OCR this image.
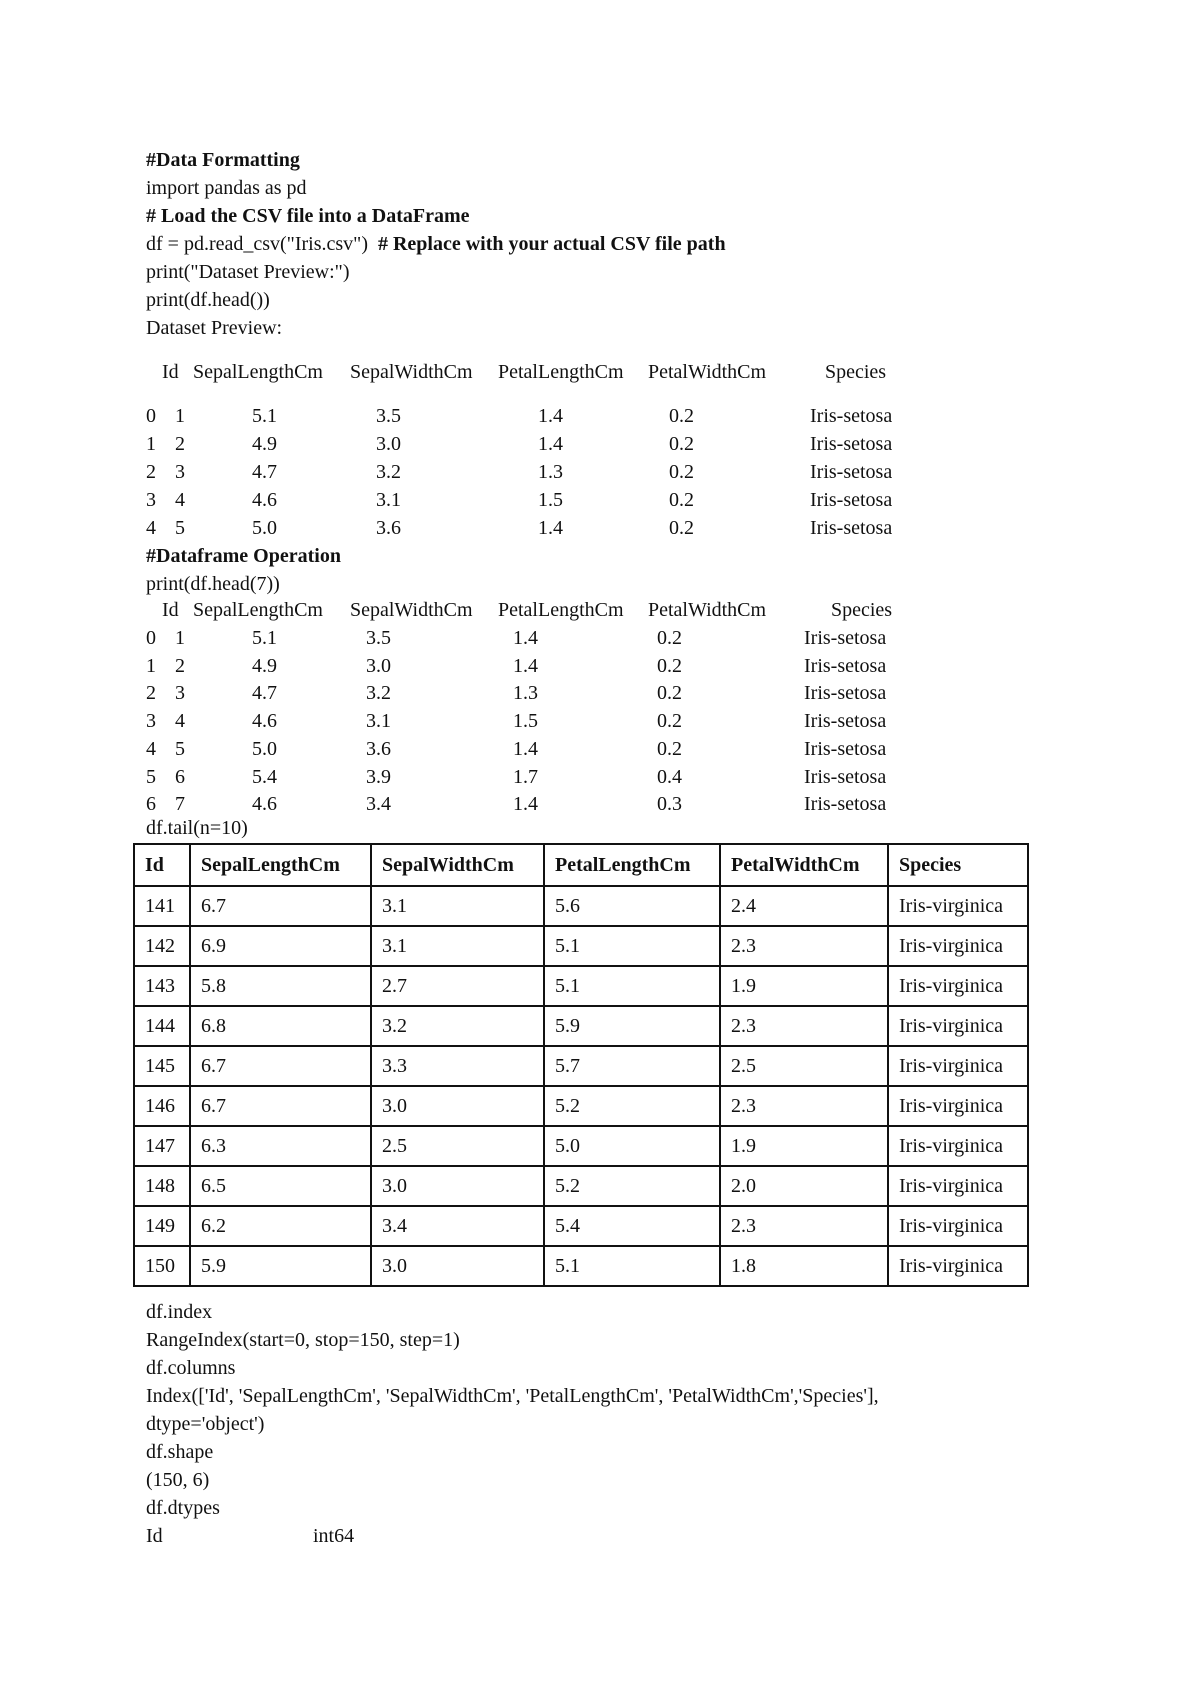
#Data Formatting
import pandas as pd
# Load the CSV file into a DataFrame
df = pd.read_csv("Iris.csv") # Replace with your actual CSV file path
print("Dataset Preview:")
print(df.head())
Dataset Preview:
Id SepalLengthCm SepalWidthCm PetalLengthCm PetalWidthCm	Species
0 1	5.1	3.5	1.4	0.2	Iris-setosa
1 2	4.9	3.0	1.4	0.2	Iris-setosa
2 3	4.7	3.2	1.3	0.2	Iris-setosa
3 4	4.6	3.1	1.5	0.2	Iris-setosa
4 5	5.0	3.6	1.4	0.2	Iris-setosa
#Dataframe Operation
print(df.head(7))
Id SepalLengthCm SepalWidthCm PetalLengthCm PetalWidthCm	Species
0 1	5.1	3.5	1.4	0.2	Iris-setosa
1 2	4.9	3.0	1.4	0.2	Iris-setosa
2 3	4.7	3.2	1.3	0.2	Iris-setosa
3 4	4.6	3.1	1.5	0.2	Iris-setosa
4 5	5.0	3.6	1.4	0.2	Iris-setosa
5 6	5.4	3.9	1.7	0.4	Iris-setosa
6 7	4.6	3.4	1.4	0.3	Iris-setosa
df.tail(n=10)
Id	SepalLengthCm	SepalWidthCm	PetalLengthCm	PetalWidthCm	Species
141	6.7	3.1	5.6	2.4	Iris-virginica
142	6.9	3.1	5.1	2.3	Iris-virginica
143	5.8	2.7	5.1	1.9	Iris-virginica
144	6.8	3.2	5.9	2.3	Iris-virginica
145	6.7	3.3	5.7	2.5	Iris-virginica
146	6.7	3.0	5.2	2.3	Iris-virginica
147	6.3	2.5	5.0	1.9	Iris-virginica
148	6.5	3.0	5.2	2.0	Iris-virginica
149	6.2	3.4	5.4	2.3	Iris-virginica
150	5.9	3.0	5.1	1.8	Iris-virginica
df.index
RangeIndex(start=0, stop=150, step=1)
df.columns
Index(['Id', 'SepalLengthCm', 'SepalWidthCm', 'PetalLengthCm', 'PetalWidthCm','Species'],
dtype='object')
df.shape
(150, 6)
df.dtypes
Id	int64
